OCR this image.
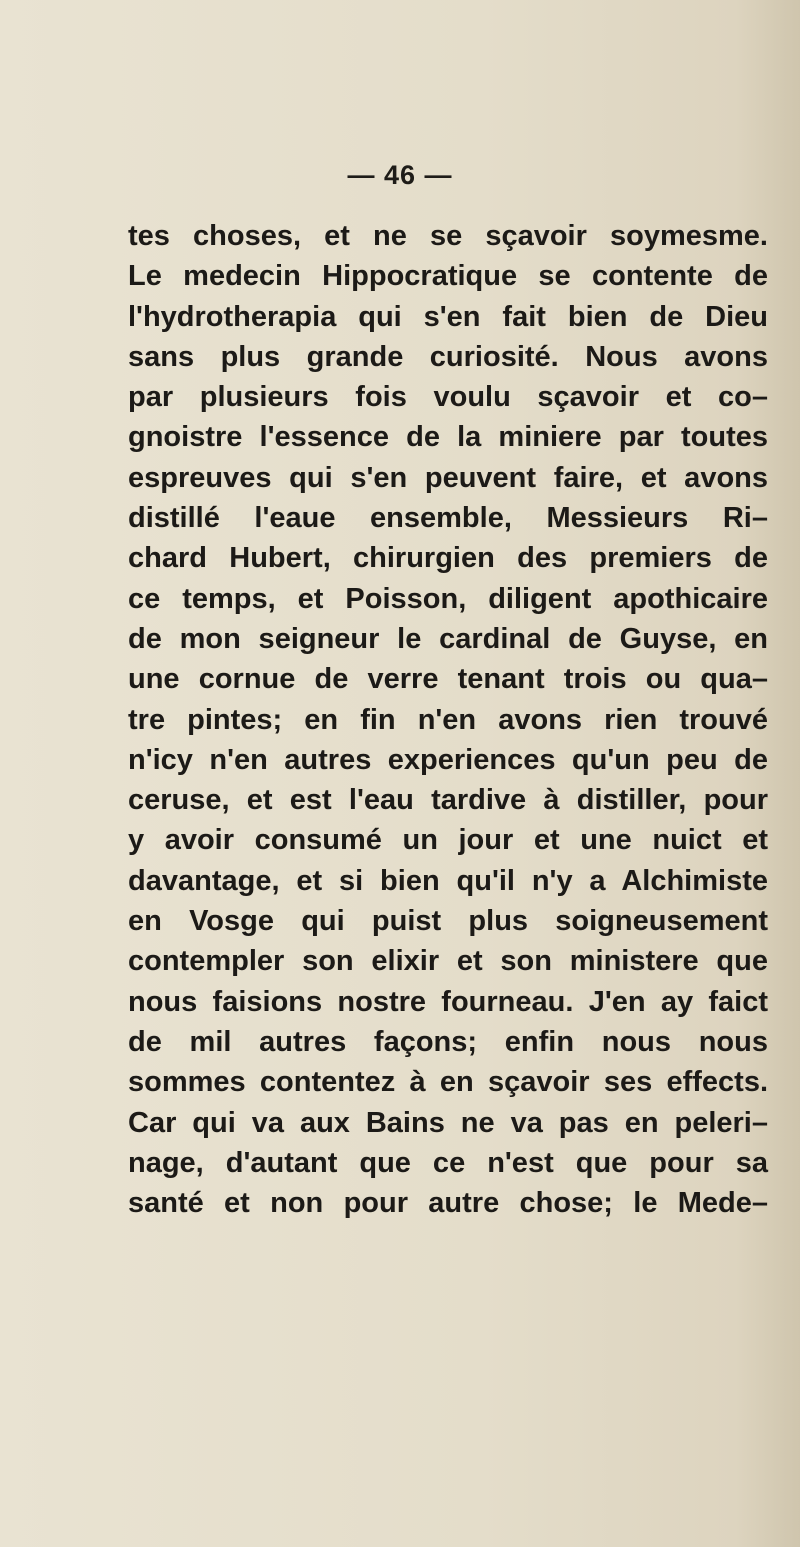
— 46 —
tes choses, et ne se sçavoir soymesme.
Le medecin Hippocratique se contente de
l'hydrotherapia qui s'en fait bien de Dieu
sans plus grande curiosité. Nous avons
par plusieurs fois voulu sçavoir et co–
gnoistre l'essence de la miniere par toutes
espreuves qui s'en peuvent faire, et avons
distillé l'eaue ensemble, Messieurs Ri–
chard Hubert, chirurgien des premiers de
ce temps, et Poisson, diligent apothicaire
de mon seigneur le cardinal de Guyse, en
une cornue de verre tenant trois ou qua–
tre pintes; en fin n'en avons rien trouvé
n'icy n'en autres experiences qu'un peu de
ceruse, et est l'eau tardive à distiller, pour
y avoir consumé un jour et une nuict et
davantage, et si bien qu'il n'y a Alchimiste
en Vosge qui puist plus soigneusement
contempler son elixir et son ministere que
nous faisions nostre fourneau. J'en ay faict
de mil autres façons; enfin nous nous
sommes contentez à en sçavoir ses effects.
Car qui va aux Bains ne va pas en peleri–
nage, d'autant que ce n'est que pour sa
santé et non pour autre chose; le Mede–
